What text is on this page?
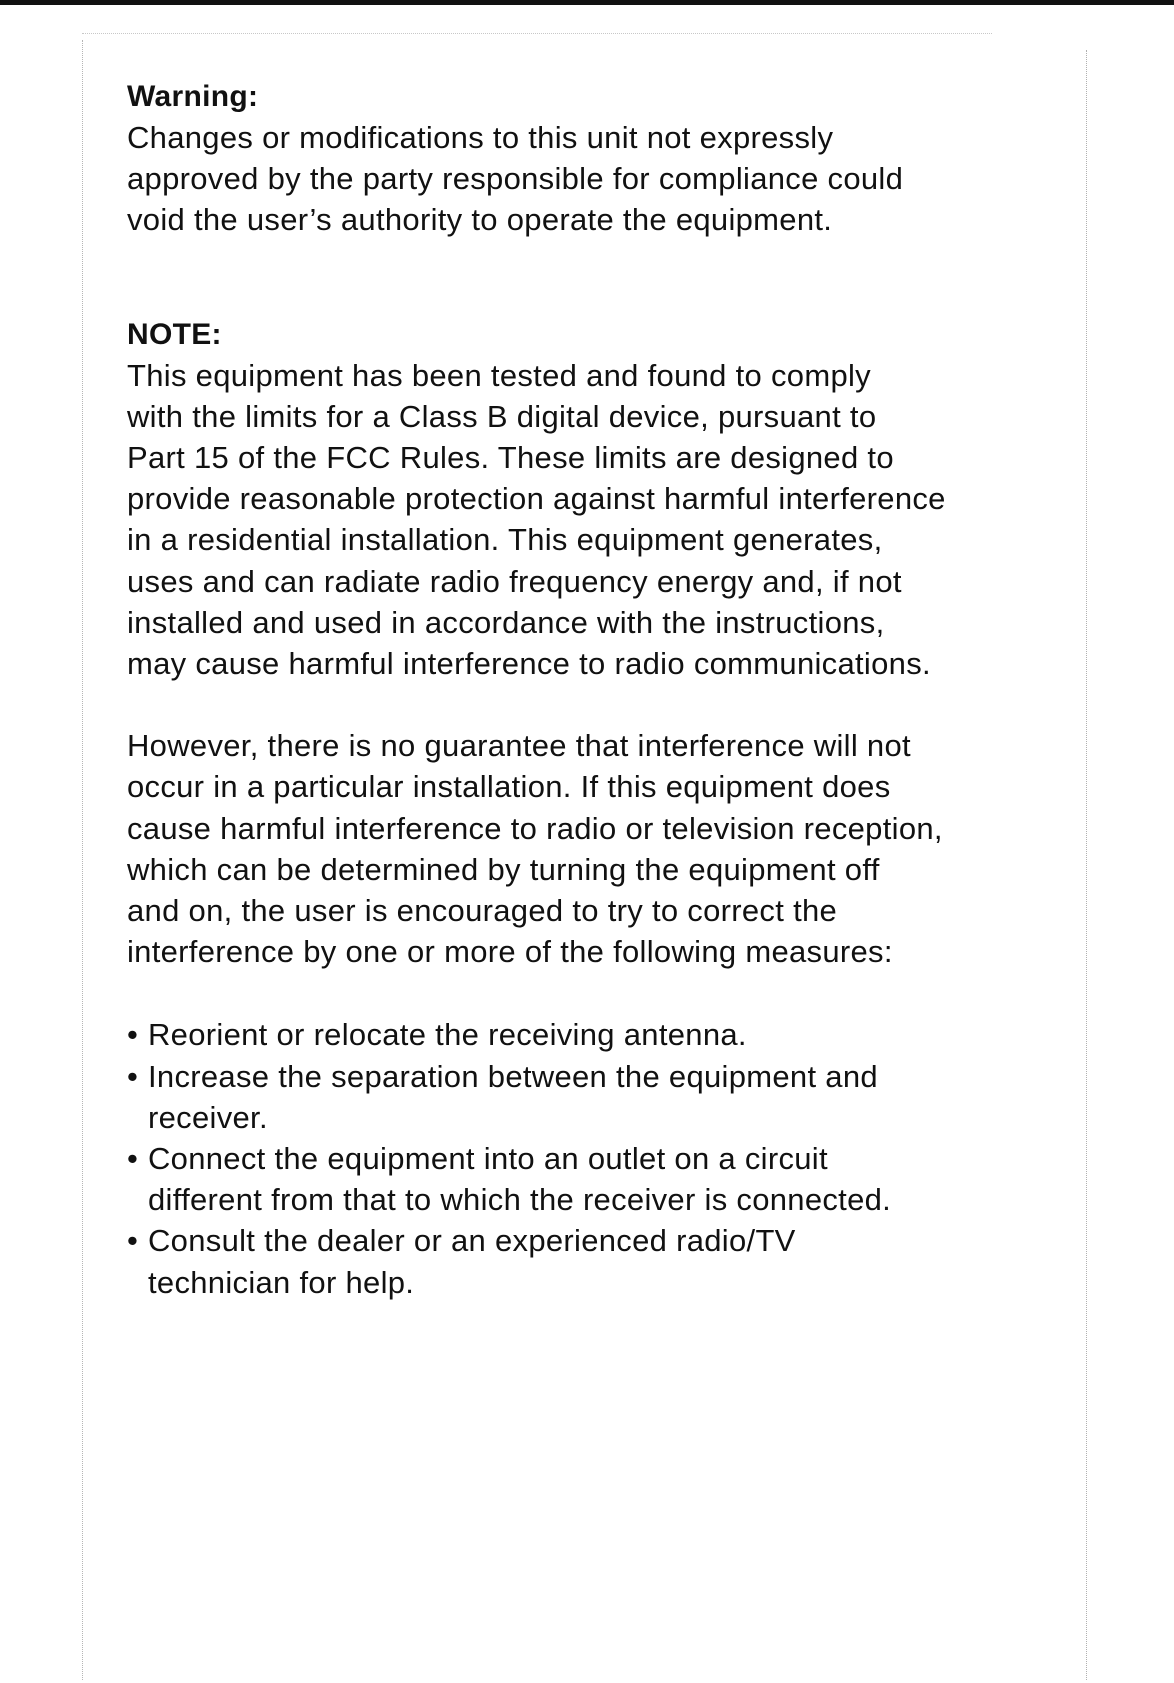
Warning:

Changes or modifications to this unit not expressly
approved by the party responsible for compliance could
void the user’s authority to operate the equipment.

NOTE:

This equipment has been tested and found to comply
with the limits for a Class B digital device, pursuant to
Part 15 of the FCC Rules. These limits are designed to
provide reasonable protection against harmful interference
in a residential installation. This equipment generates,
uses and can radiate radio frequency energy and, if not
installed and used in accordance with the instructions,
may cause harmful interference to radio communications.

However, there is no guarantee that interference will not
occur in a particular installation. If this equipment does
cause harmful interference to radio or television reception,
which can be determined by turning the equipment off
and on, the user is encouraged to try to correct the
interference by one or more of the following measures:

• Reorient or relocate the receiving antenna.
• Increase the separation between the equipment and
receiver.
• Connect the equipment into an outlet on a circuit
different from that to which the receiver is connected.
• Consult the dealer or an experienced radio/TV
technician for help.
